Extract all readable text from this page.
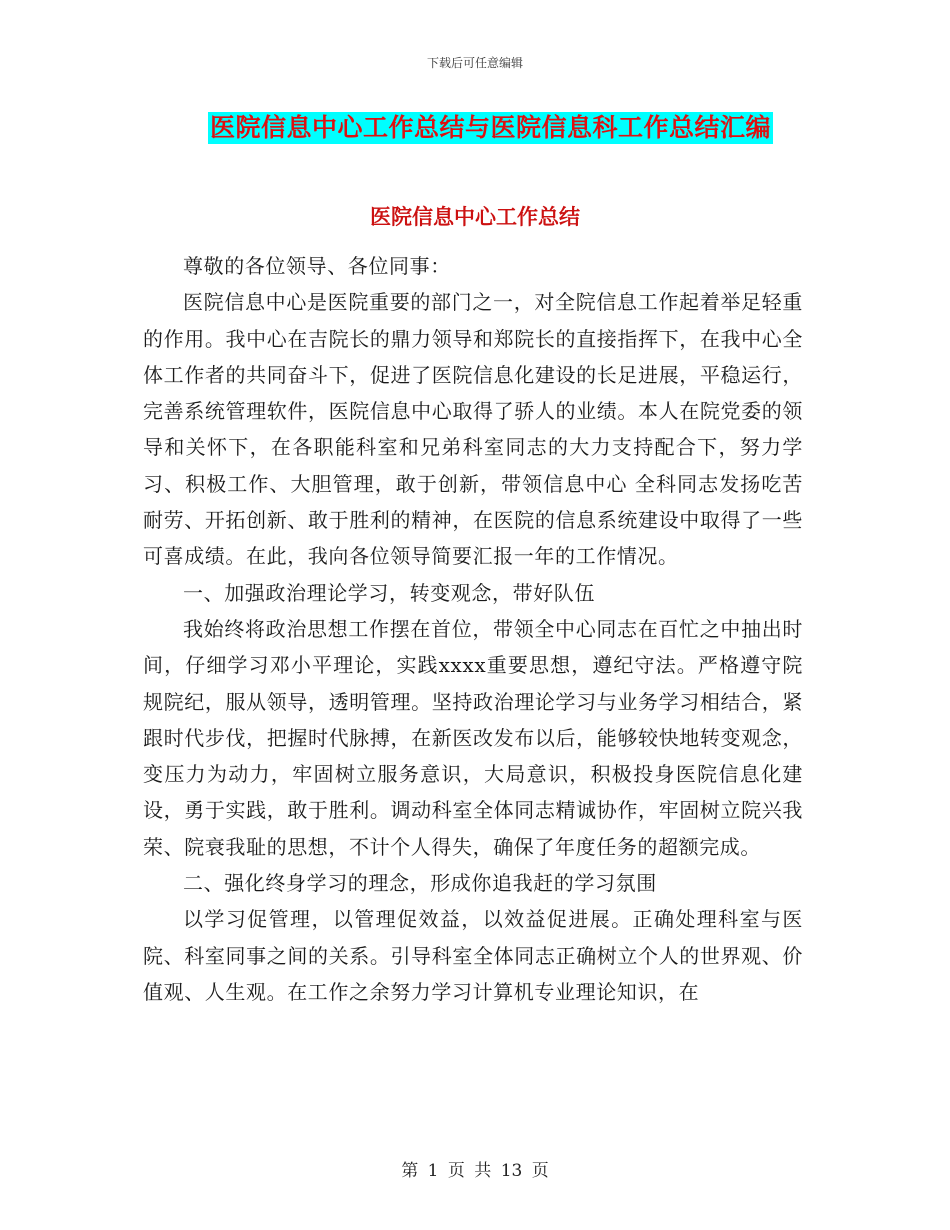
下载后可任意编辑
医院信息中心工作总结与医院信息科工作总结汇编
医院信息中心工作总结

尊敬的各位领导、各位同事：

医院信息中心是医院重要的部门之一，对全院信息工作起着举足轻重的作用。我中心在吉院长的鼎力领导和郑院长的直接指挥下，在我中心全体工作者的共同奋斗下，促进了医院信息化建设的长足进展，平稳运行，完善系统管理软件，医院信息中心取得了骄人的业绩。本人在院党委的领导和关怀下，在各职能科室和兄弟科室同志的大力支持配合下，努力学习、积极工作、大胆管理，敢于创新，带领信息中心 全科同志发扬吃苦耐劳、开拓创新、敢于胜利的精神，在医院的信息系统建设中取得了一些可喜成绩。在此，我向各位领导简要汇报一年的工作情况。

一、加强政治理论学习，转变观念，带好队伍

我始终将政治思想工作摆在首位，带领全中心同志在百忙之中抽出时间，仔细学习邓小平理论，实践xxxx重要思想，遵纪守法。严格遵守院规院纪，服从领导，透明管理。坚持政治理论学习与业务学习相结合，紧跟时代步伐，把握时代脉搏，在新医改发布以后，能够较快地转变观念，变压力为动力，牢固树立服务意识，大局意识，积极投身医院信息化建设，勇于实践，敢于胜利。调动科室全体同志精诚协作，牢固树立院兴我荣、院衰我耻的思想，不计个人得失，确保了年度任务的超额完成。

二、强化终身学习的理念，形成你追我赶的学习氛围

以学习促管理，以管理促效益，以效益促进展。正确处理科室与医院、科室同事之间的关系。引导科室全体同志正确树立个人的世界观、价值观、人生观。在工作之余努力学习计算机专业理论知识，在

第 1 页 共 13 页
